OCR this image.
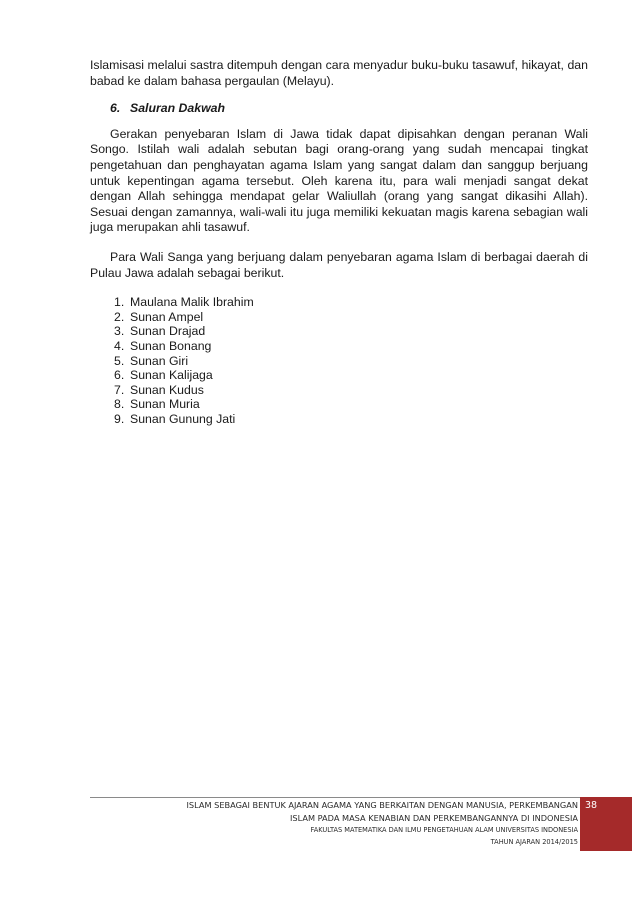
Islamisasi melalui sastra ditempuh dengan cara menyadur buku-buku tasawuf, hikayat, dan babad ke dalam bahasa pergaulan (Melayu).

6. Saluran Dakwah

Gerakan penyebaran Islam di Jawa tidak dapat dipisahkan dengan peranan Wali Songo. Istilah wali adalah sebutan bagi orang-orang yang sudah mencapai tingkat pengetahuan dan penghayatan agama Islam yang sangat dalam dan sanggup berjuang untuk kepentingan agama tersebut. Oleh karena itu, para wali menjadi sangat dekat dengan Allah sehingga mendapat gelar Waliullah (orang yang sangat dikasihi Allah). Sesuai dengan zamannya, wali-wali itu juga memiliki kekuatan magis karena sebagian wali juga merupakan ahli tasawuf.

Para Wali Sanga yang berjuang dalam penyebaran agama Islam di berbagai daerah di Pulau Jawa adalah sebagai berikut.

1. Maulana Malik Ibrahim
2. Sunan Ampel
3. Sunan Drajad
4. Sunan Bonang
5. Sunan Giri
6. Sunan Kalijaga
7. Sunan Kudus
8. Sunan Muria
9. Sunan Gunung Jati
ISLAM SEBAGAI BENTUK AJARAN AGAMA YANG BERKAITAN DENGAN MANUSIA, PERKEMBANGAN
ISLAM PADA MASA KENABIAN DAN PERKEMBANGANNYA DI INDONESIA
FAKULTAS MATEMATIKA DAN ILMU PENGETAHUAN ALAM UNIVERSITAS INDONESIA
TAHUN AJARAN 2014/2015
38
